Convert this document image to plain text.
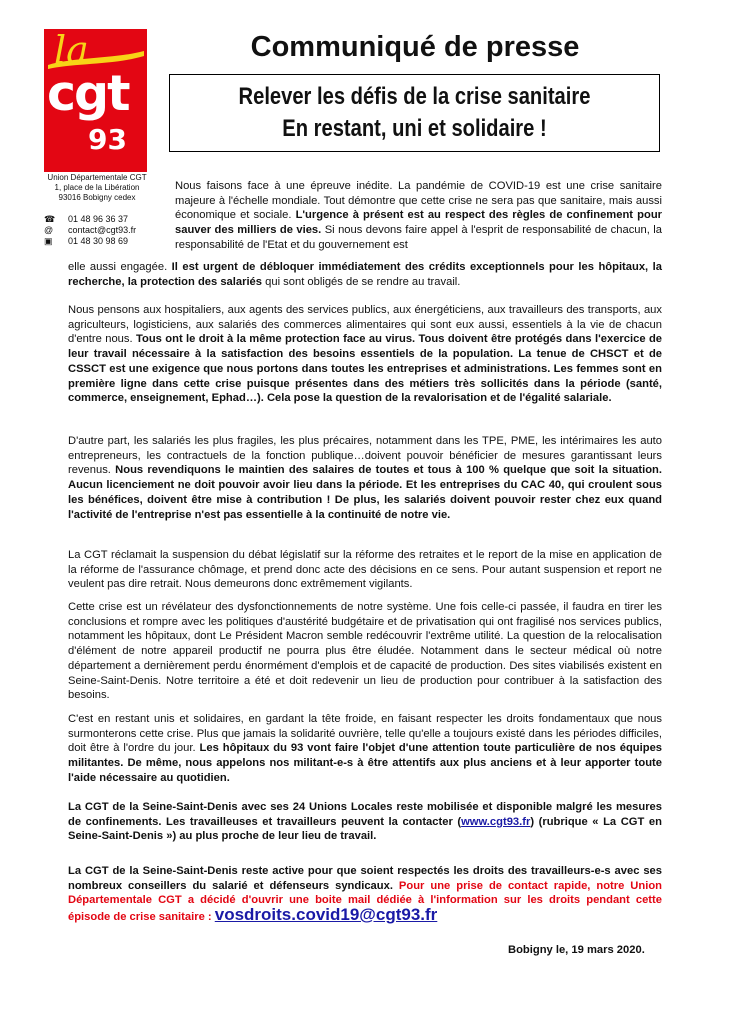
la
cgt
93
Union Départementale CGT
1, place de la Libération
93016 Bobigny cedex
☎	01 48 96 36 37
@	contact@cgt93.fr
▣	01 48 30 98 69
Communiqué de presse
Relever les défis de la crise sanitaire
En restant, uni et solidaire !
Nous faisons face à une épreuve inédite. La pandémie de COVID-19 est une crise sanitaire majeure à l'échelle mondiale. Tout démontre que cette crise ne sera pas que sanitaire, mais aussi économique et sociale. L'urgence à présent est au respect des règles de confinement pour sauver des milliers de vies. Si nous devons faire appel à l'esprit de responsabilité de chacun, la responsabilité de l'Etat et du gouvernement est
elle aussi engagée. Il est urgent de débloquer immédiatement des crédits exceptionnels pour les hôpitaux, la recherche, la protection des salariés qui sont obligés de se rendre au travail.
Nous pensons aux hospitaliers, aux agents des services publics, aux énergéticiens, aux travailleurs des transports, aux agriculteurs, logisticiens, aux salariés des commerces alimentaires qui sont eux aussi, essentiels à la vie de chacun d'entre nous. Tous ont le droit à la même protection face au virus. Tous doivent être protégés dans l'exercice de leur travail nécessaire à la satisfaction des besoins essentiels de la population. La tenue de CHSCT et de CSSCT est une exigence que nous portons dans toutes les entreprises et administrations. Les femmes sont en première ligne dans cette crise puisque présentes dans des métiers très sollicités dans la période (santé, commerce, enseignement, Ephad…). Cela pose la question de la revalorisation et de l'égalité salariale.
D'autre part, les salariés les plus fragiles, les plus précaires, notamment dans les TPE, PME, les intérimaires les auto entrepreneurs, les contractuels de la fonction publique…doivent pouvoir bénéficier de mesures garantissant leurs revenus. Nous revendiquons le maintien des salaires de toutes et tous à 100 % quelque que soit la situation. Aucun licenciement ne doit pouvoir avoir lieu dans la période. Et les entreprises du CAC 40, qui croulent sous les bénéfices, doivent être mise à contribution ! De plus, les salariés doivent pouvoir rester chez eux quand l'activité de l'entreprise n'est pas essentielle à la continuité de notre vie.
La CGT réclamait la suspension du débat législatif sur la réforme des retraites et le report de la mise en application de la réforme de l'assurance chômage, et prend donc acte des décisions en ce sens. Pour autant suspension et report ne veulent pas dire retrait. Nous demeurons donc extrêmement vigilants.
Cette crise est un révélateur des dysfonctionnements de notre système. Une fois celle-ci passée, il faudra en tirer les conclusions et rompre avec les politiques d'austérité budgétaire et de privatisation qui ont fragilisé nos services publics, notamment les hôpitaux, dont Le Président Macron semble redécouvrir l'extrême utilité. La question de la relocalisation d'élément de notre appareil productif ne pourra plus être éludée. Notamment dans le secteur médical où notre département a dernièrement perdu énormément d'emplois et de capacité de production. Des sites viabilisés existent en Seine-Saint-Denis. Notre territoire a été et doit redevenir un lieu de production pour contribuer à la satisfaction des besoins.
C'est en restant unis et solidaires, en gardant la tête froide, en faisant respecter les droits fondamentaux que nous surmonterons cette crise. Plus que jamais la solidarité ouvrière, telle qu'elle a toujours existé dans les périodes difficiles, doit être à l'ordre du jour. Les hôpitaux du 93 vont faire l'objet d'une attention toute particulière de nos équipes militantes. De même, nous appelons nos militant-e-s à être attentifs aux plus anciens et à leur apporter toute l'aide nécessaire au quotidien.
La CGT de la Seine-Saint-Denis avec ses 24 Unions Locales reste mobilisée et disponible malgré les mesures de confinements. Les travailleuses et travailleurs peuvent la contacter (www.cgt93.fr) (rubrique « La CGT en Seine-Saint-Denis ») au plus proche de leur lieu de travail.
La CGT de la Seine-Saint-Denis reste active pour que soient respectés les droits des travailleurs-e-s avec ses nombreux conseillers du salarié et défenseurs syndicaux. Pour une prise de contact rapide, notre Union Départementale CGT a décidé d'ouvrir une boite mail dédiée à l'information sur les droits pendant cette épisode de crise sanitaire : vosdroits.covid19@cgt93.fr
Bobigny le, 19 mars 2020.
